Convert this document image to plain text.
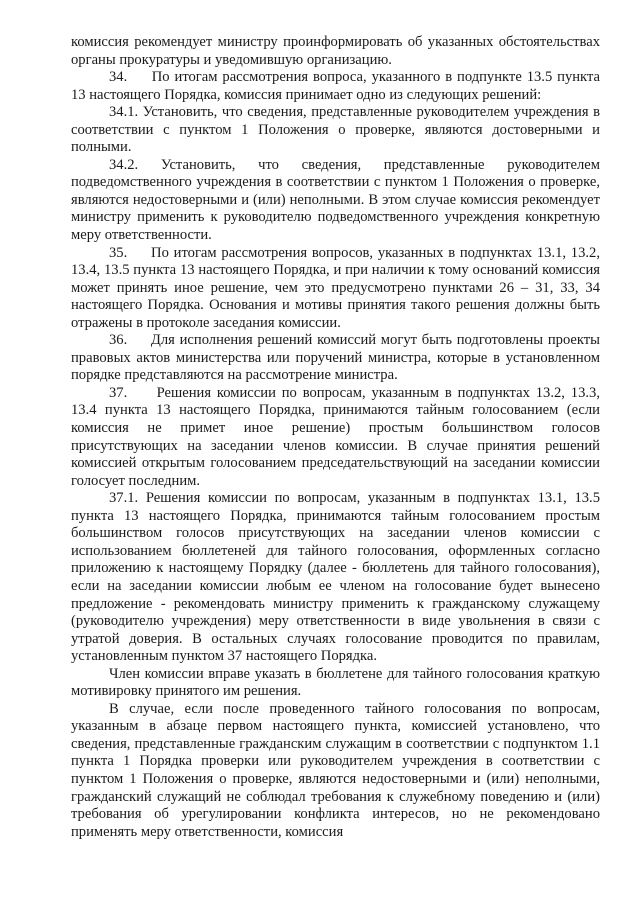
комиссия рекомендует министру проинформировать об указанных обстоятельствах органы прокуратуры и уведомившую организацию.

34.     По итогам рассмотрения вопроса, указанного в подпункте 13.5 пункта 13 настоящего Порядка, комиссия принимает одно из следующих решений:

34.1. Установить, что сведения, представленные руководителем учреждения в соответствии с пунктом 1 Положения о проверке, являются достоверными и полными.

34.2. Установить, что сведения, представленные руководителем подведомственного учреждения в соответствии с пунктом 1 Положения о проверке, являются недостоверными и (или) неполными. В этом случае комиссия рекомендует министру применить к руководителю подведомственного учреждения конкретную меру ответственности.

35.     По итогам рассмотрения вопросов, указанных в подпунктах 13.1, 13.2, 13.4, 13.5 пункта 13 настоящего Порядка, и при наличии к тому оснований комиссия может принять иное решение, чем это предусмотрено пунктами 26 – 31, 33, 34 настоящего Порядка. Основания и мотивы принятия такого решения должны быть отражены в протоколе заседания комиссии.

36.     Для исполнения решений комиссий могут быть подготовлены проекты правовых актов министерства или поручений министра, которые в установленном порядке представляются на рассмотрение министра.

37.     Решения комиссии по вопросам, указанным в подпунктах 13.2, 13.3, 13.4 пункта 13 настоящего Порядка, принимаются тайным голосованием (если комиссия не примет иное решение) простым большинством голосов присутствующих на заседании членов комиссии. В случае принятия решений комиссией открытым голосованием председательствующий на заседании комиссии голосует последним.

37.1. Решения комиссии по вопросам, указанным в подпунктах 13.1, 13.5 пункта 13 настоящего Порядка, принимаются тайным голосованием простым большинством голосов присутствующих на заседании членов комиссии с использованием бюллетеней для тайного голосования, оформленных согласно приложению к настоящему Порядку (далее - бюллетень для тайного голосования), если на заседании комиссии любым ее членом на голосование будет вынесено предложение - рекомендовать министру применить к гражданскому служащему (руководителю учреждения) меру ответственности в виде увольнения в связи с утратой доверия. В остальных случаях голосование проводится по правилам, установленным пунктом 37 настоящего Порядка.

Член комиссии вправе указать в бюллетене для тайного голосования краткую мотивировку принятого им решения.

В случае, если после проведенного тайного голосования по вопросам, указанным в абзаце первом настоящего пункта, комиссией установлено, что сведения, представленные гражданским служащим в соответствии с подпунктом 1.1 пункта 1 Порядка проверки или руководителем учреждения в соответствии с пунктом 1 Положения о проверке, являются недостоверными и (или) неполными, гражданский служащий не соблюдал требования к служебному поведению и (или) требования об урегулировании конфликта интересов, но не рекомендовано применять меру ответственности, комиссия
